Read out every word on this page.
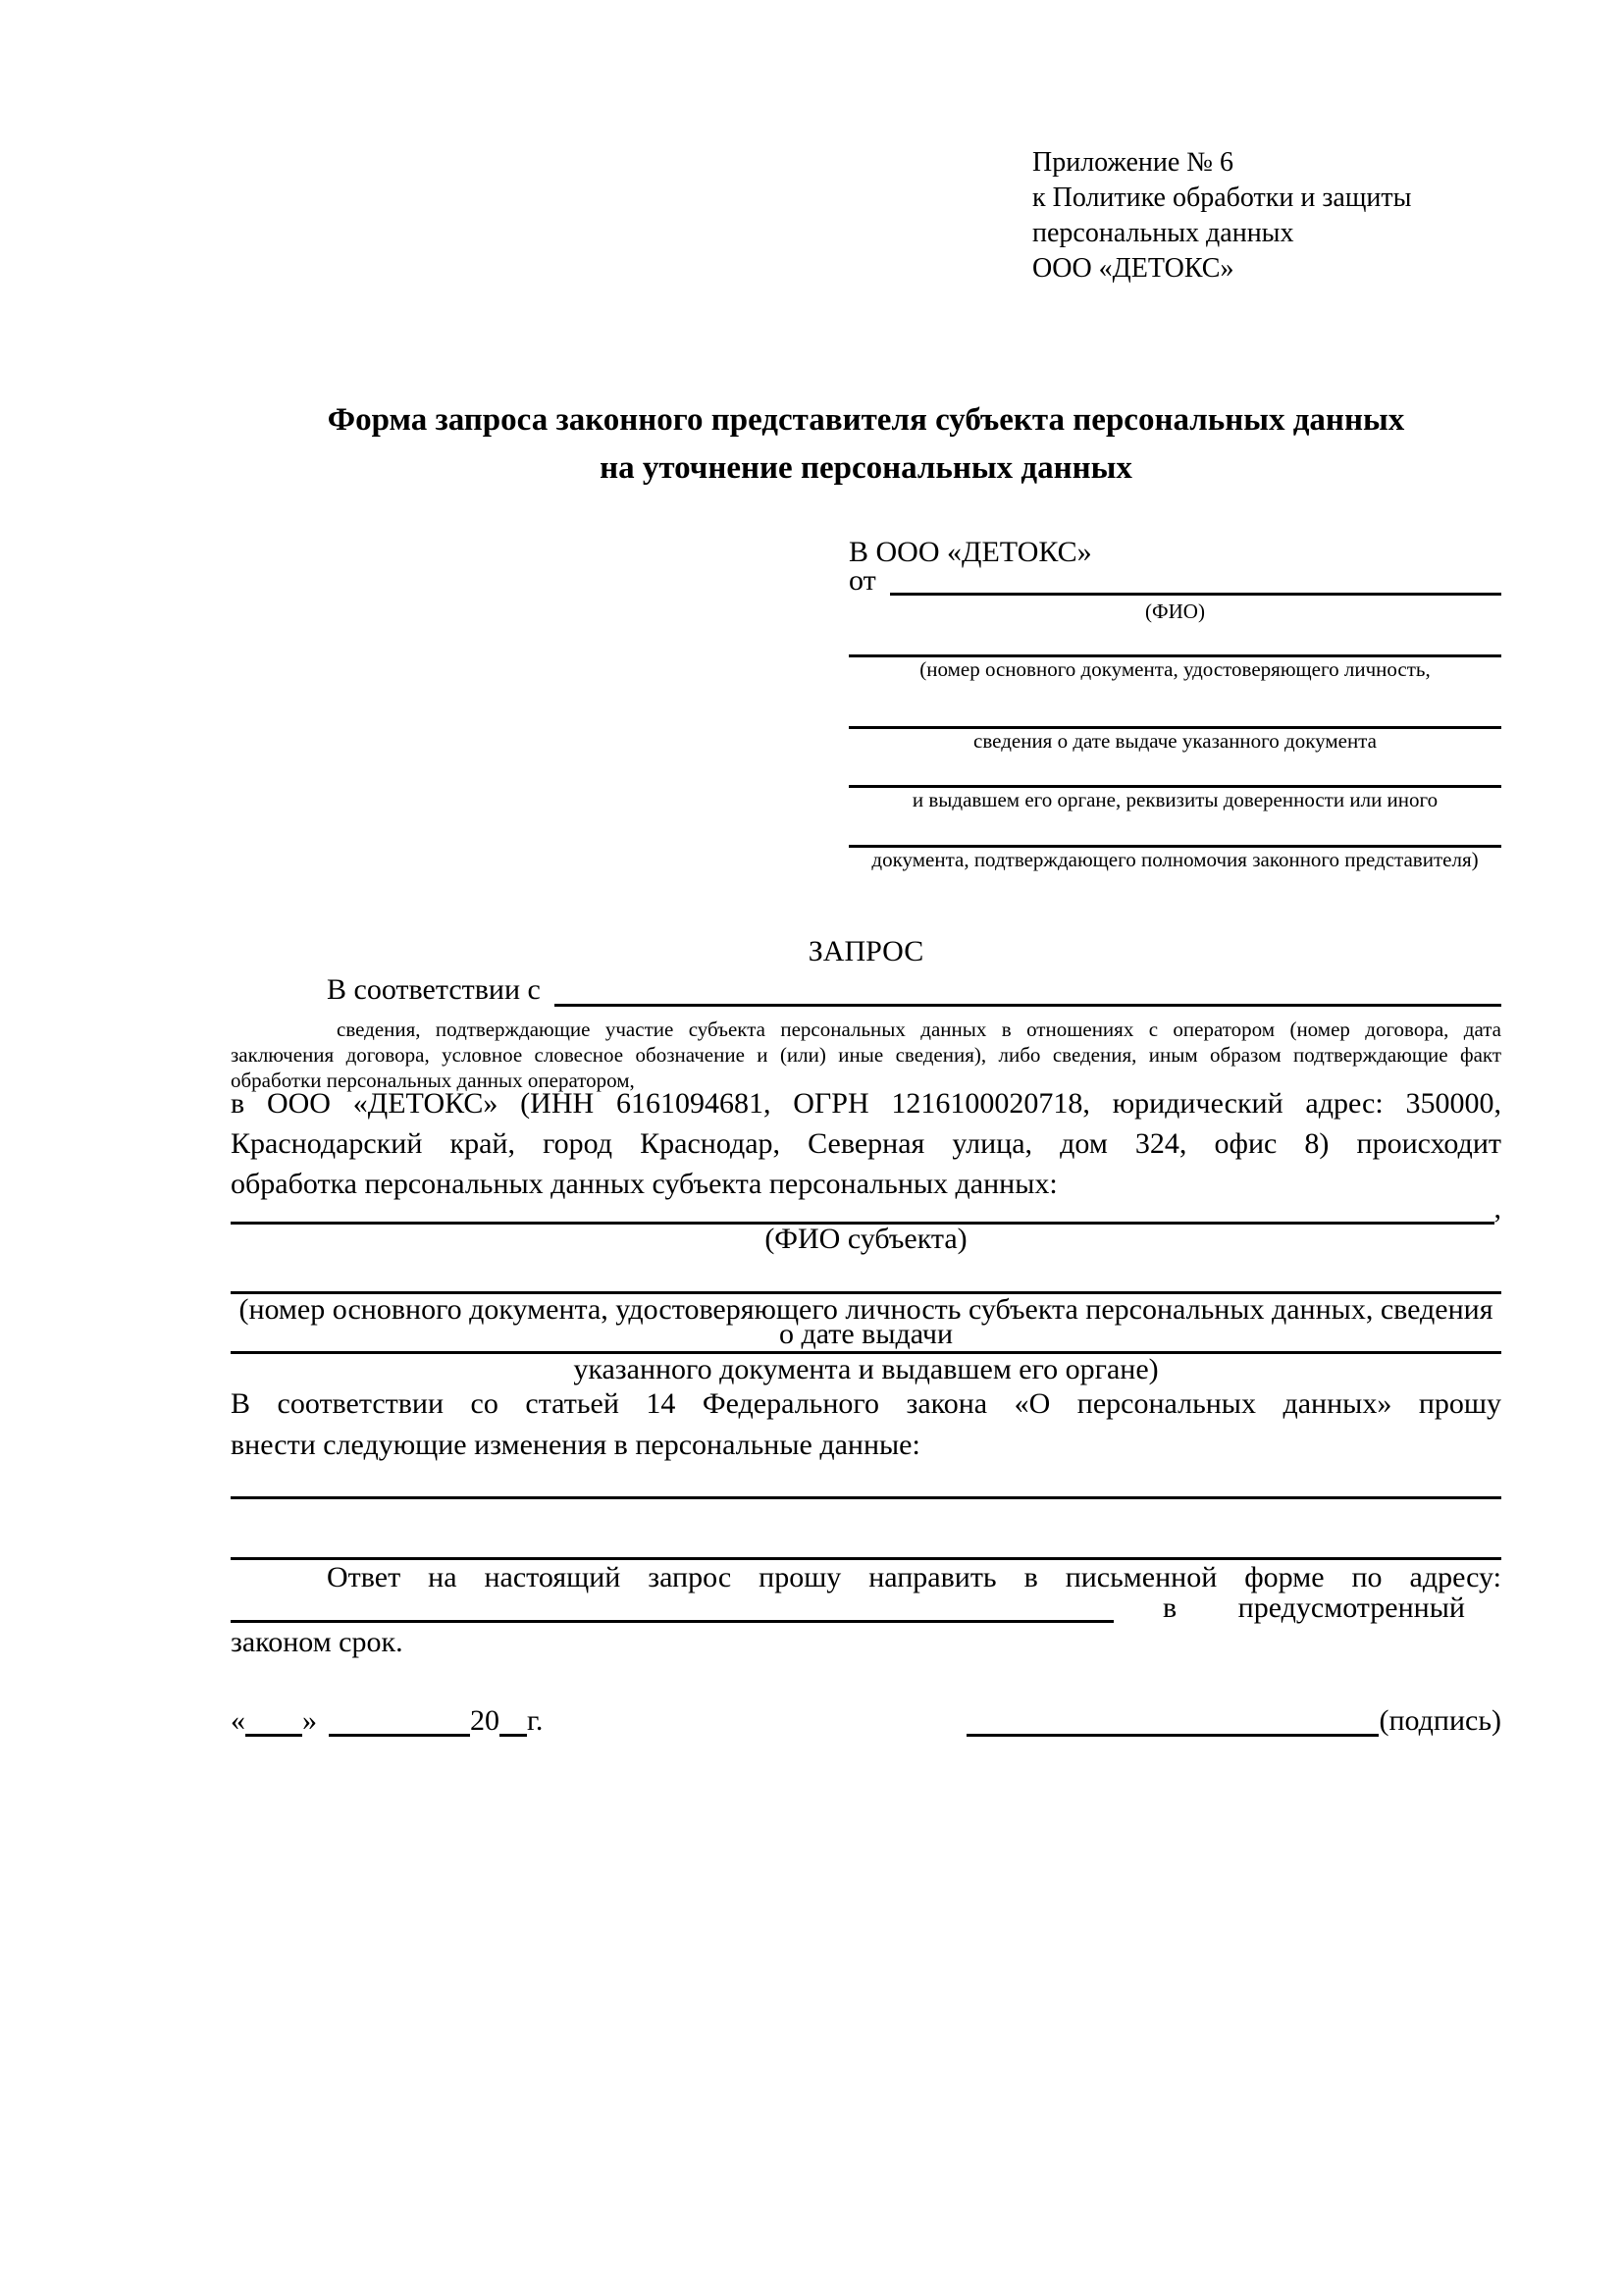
Приложение № 6
к Политике обработки и защиты
персональных данных
ООО «ДЕТОКС»
Форма запроса законного представителя субъекта персональных данных
на уточнение персональных данных
В ООО «ДЕТОКС»
от
(ФИО)
(номер основного документа, удостоверяющего личность,
сведения о дате выдаче указанного документа
и выдавшем его органе, реквизиты доверенности или иного
документа, подтверждающего полномочия законного представителя)
ЗАПРОС
В соответствии с
сведения, подтверждающие участие субъекта персональных данных в отношениях с оператором (номер договора, дата
заключения договора, условное словесное обозначение и (или) иные сведения), либо сведения, иным образом подтверждающие факт
обработки персональных данных оператором,
в ООО «ДЕТОКС» (ИНН 6161094681, ОГРН 1216100020718, юридический адрес: 350000,
Краснодарский край, город Краснодар, Северная улица, дом 324, офис 8) происходит
обработка персональных данных субъекта персональных данных:
,
(ФИО субъекта)
(номер основного документа, удостоверяющего личность субъекта персональных данных, сведения о дате выдачи
указанного документа и выдавшем его органе)
В соответствии со статьей 14 Федерального закона «О персональных данных» прошу
внести следующие изменения в персональные данные:
Ответ на настоящий запрос прошу направить в письменной форме по адресу:
в предусмотренный
законом срок.
« »	20 г.	(подпись)
